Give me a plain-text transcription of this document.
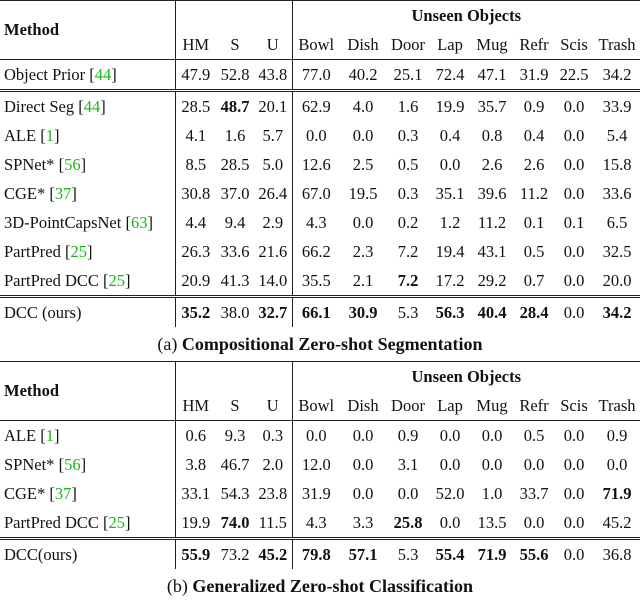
Method				Unseen Objects							
	HM	S	U	Bowl	Dish	Door	Lap	Mug	Refr	Scis	Trash
Object Prior [44]	47.9	52.8	43.8	77.0	40.2	25.1	72.4	47.1	31.9	22.5	34.2
Direct Seg [44]	28.5	48.7	20.1	62.9	4.0	1.6	19.9	35.7	0.9	0.0	33.9
ALE [1]	4.1	1.6	5.7	0.0	0.0	0.3	0.4	0.8	0.4	0.0	5.4
SPNet* [56]	8.5	28.5	5.0	12.6	2.5	0.5	0.0	2.6	2.6	0.0	15.8
CGE* [37]	30.8	37.0	26.4	67.0	19.5	0.3	35.1	39.6	11.2	0.0	33.6
3D-PointCapsNet [63]	4.4	9.4	2.9	4.3	0.0	0.2	1.2	11.2	0.1	0.1	6.5
PartPred [25]	26.3	33.6	21.6	66.2	2.3	7.2	19.4	43.1	0.5	0.0	32.5
PartPred DCC [25]	20.9	41.3	14.0	35.5	2.1	7.2	17.2	29.2	0.7	0.0	20.0
DCC (ours)	35.2	38.0	32.7	66.1	30.9	5.3	56.3	40.4	28.4	0.0	34.2
(a) Compositional Zero-shot Segmentation
Method				Unseen Objects							
	HM	S	U	Bowl	Dish	Door	Lap	Mug	Refr	Scis	Trash
ALE [1]	0.6	9.3	0.3	0.0	0.0	0.9	0.0	0.0	0.5	0.0	0.9
SPNet* [56]	3.8	46.7	2.0	12.0	0.0	3.1	0.0	0.0	0.0	0.0	0.0
CGE* [37]	33.1	54.3	23.8	31.9	0.0	0.0	52.0	1.0	33.7	0.0	71.9
PartPred DCC [25]	19.9	74.0	11.5	4.3	3.3	25.8	0.0	13.5	0.0	0.0	45.2
DCC(ours)	55.9	73.2	45.2	79.8	57.1	5.3	55.4	71.9	55.6	0.0	36.8
(b) Generalized Zero-shot Classification
